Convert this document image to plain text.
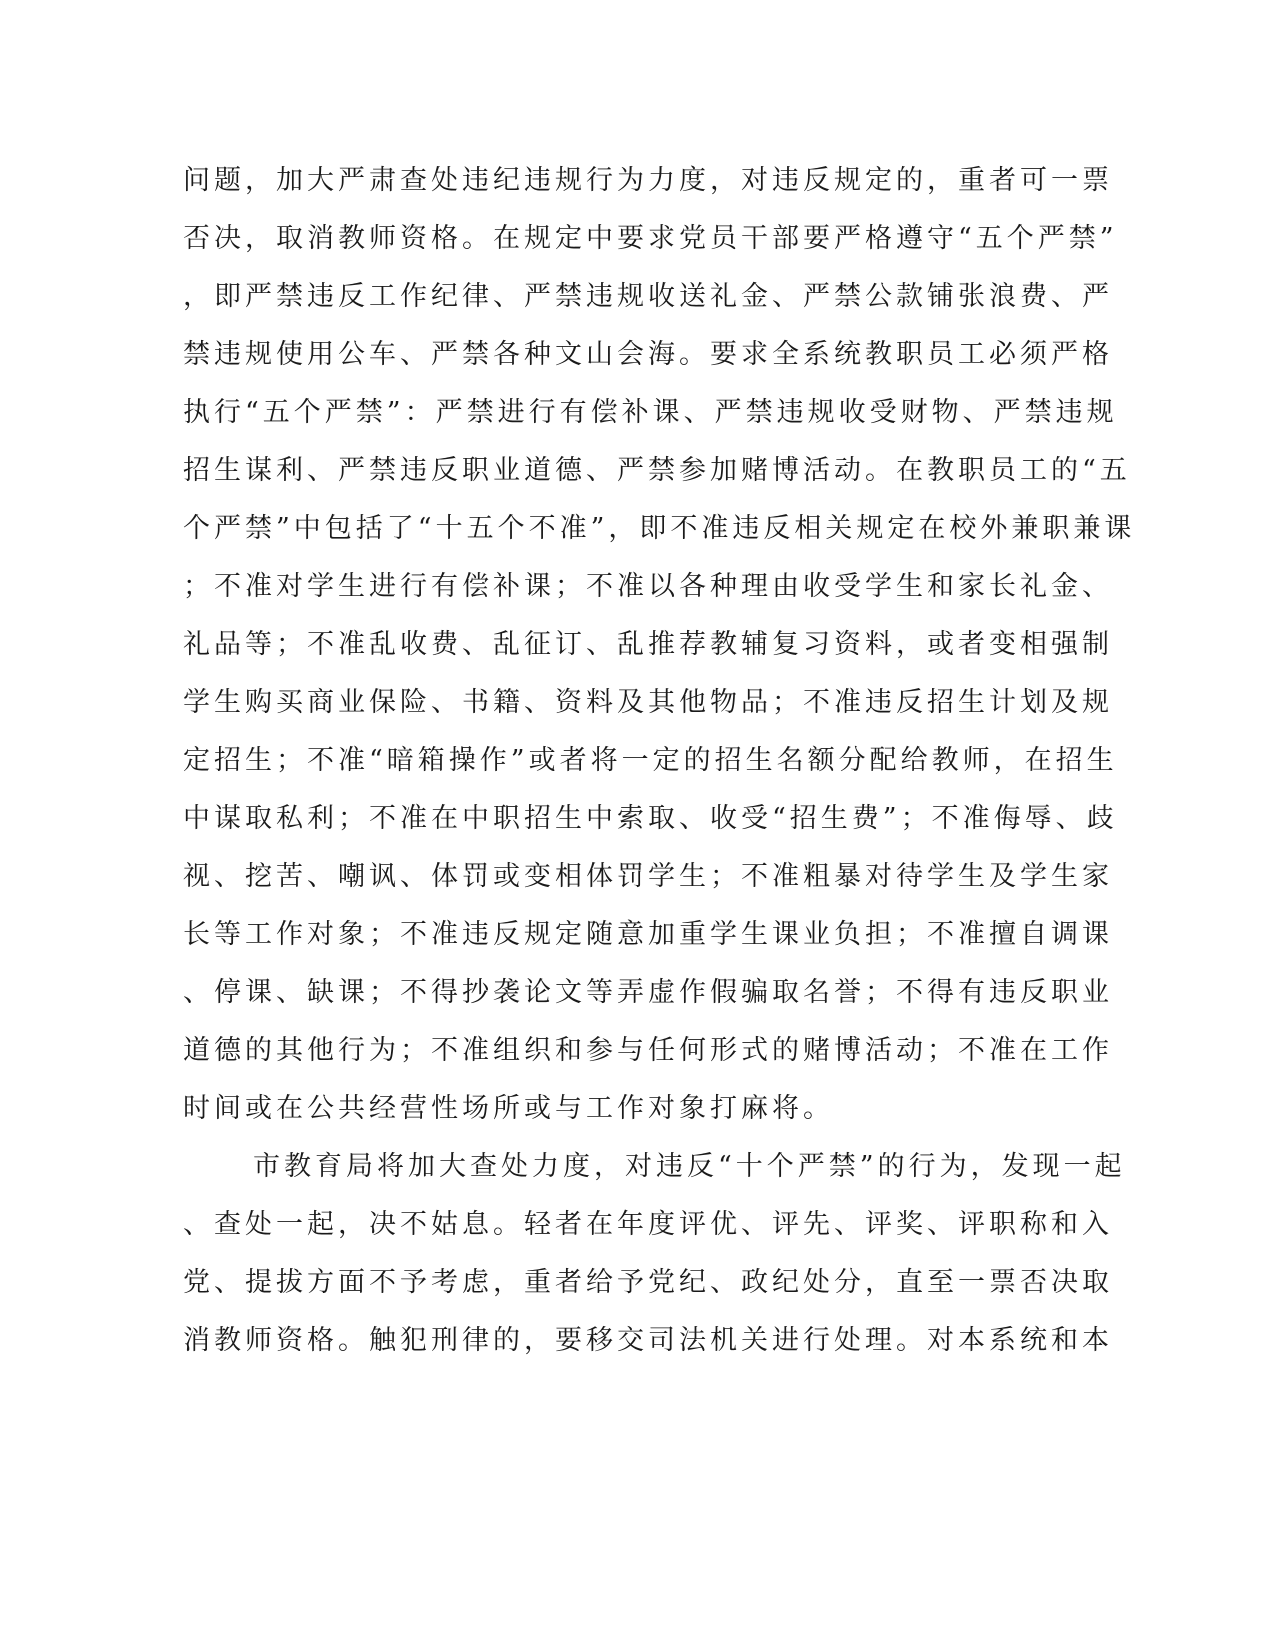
问题，加大严肃查处违纪违规行为力度，对违反规定的，重者可一票
否决，取消教师资格。在规定中要求党员干部要严格遵守“五个严禁”
，即严禁违反工作纪律、严禁违规收送礼金、严禁公款铺张浪费、严
禁违规使用公车、严禁各种文山会海。要求全系统教职员工必须严格
执行“五个严禁”：严禁进行有偿补课、严禁违规收受财物、严禁违规
招生谋利、严禁违反职业道德、严禁参加赌博活动。在教职员工的“五
个严禁”中包括了“十五个不准”，即不准违反相关规定在校外兼职兼课
；不准对学生进行有偿补课；不准以各种理由收受学生和家长礼金、
礼品等；不准乱收费、乱征订、乱推荐教辅复习资料，或者变相强制
学生购买商业保险、书籍、资料及其他物品；不准违反招生计划及规
定招生；不准“暗箱操作”或者将一定的招生名额分配给教师，在招生
中谋取私利；不准在中职招生中索取、收受“招生费”；不准侮辱、歧
视、挖苦、嘲讽、体罚或变相体罚学生；不准粗暴对待学生及学生家
长等工作对象；不准违反规定随意加重学生课业负担；不准擅自调课
、停课、缺课；不得抄袭论文等弄虚作假骗取名誉；不得有违反职业
道德的其他行为；不准组织和参与任何形式的赌博活动；不准在工作
时间或在公共经营性场所或与工作对象打麻将。
市教育局将加大查处力度，对违反“十个严禁”的行为，发现一起
、查处一起，决不姑息。轻者在年度评优、评先、评奖、评职称和入
党、提拔方面不予考虑，重者给予党纪、政纪处分，直至一票否决取
消教师资格。触犯刑律的，要移交司法机关进行处理。对本系统和本
